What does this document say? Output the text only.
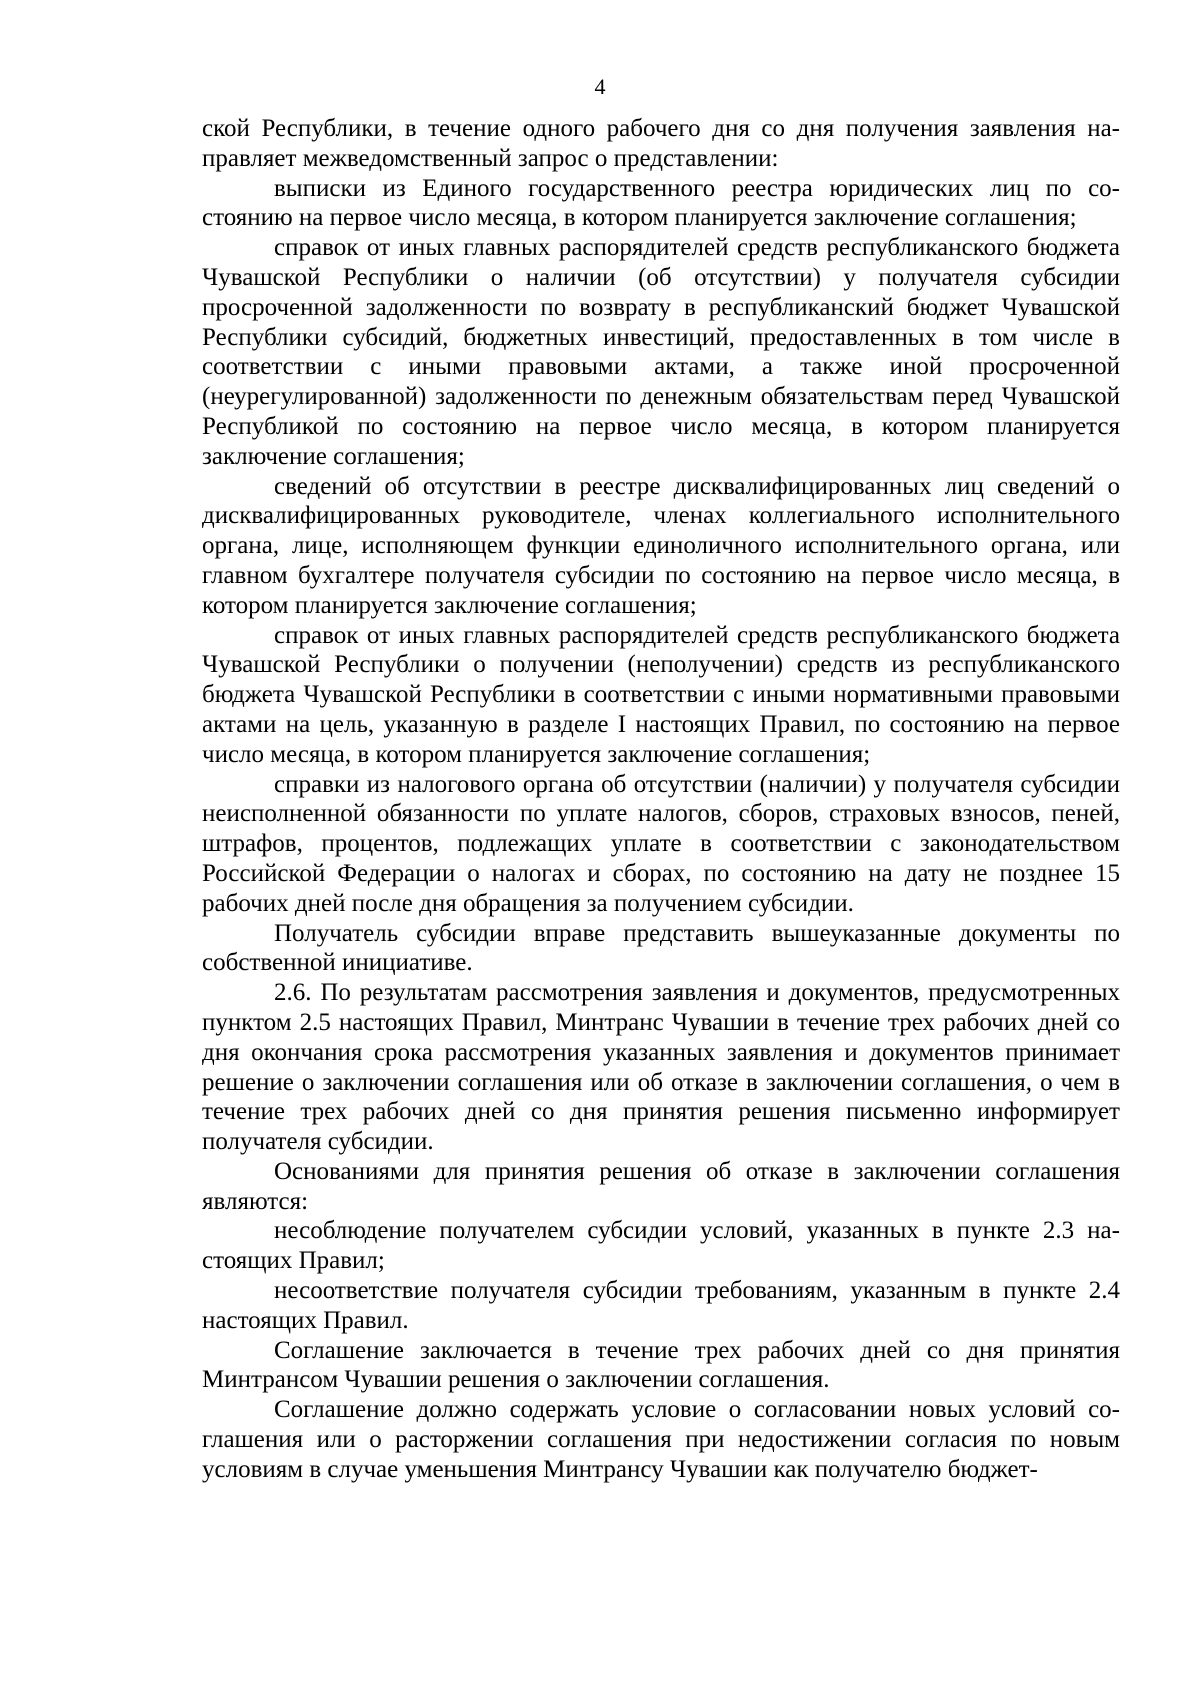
4

ской Республики, в течение одного рабочего дня со дня получения заявления направляет межведомственный запрос о представлении:

выписки из Единого государственного реестра юридических лиц по состоянию на первое число месяца, в котором планируется заключение соглашения;

справок от иных главных распорядителей средств республиканского бюджета Чувашской Республики о наличии (об отсутствии) у получателя субсидии просроченной задолженности по возврату в республиканский бюджет Чувашской Республики субсидий, бюджетных инвестиций, предоставленных в том числе в соответствии с иными правовыми актами, а также иной просроченной (неурегулированной) задолженности по денежным обязательствам перед Чувашской Республикой по состоянию на первое число месяца, в котором планируется заключение соглашения;

сведений об отсутствии в реестре дисквалифицированных лиц сведений о дисквалифицированных руководителе, членах коллегиального исполнительного органа, лице, исполняющем функции единоличного исполнительного органа, или главном бухгалтере получателя субсидии по состоянию на первое число месяца, в котором планируется заключение соглашения;

справок от иных главных распорядителей средств республиканского бюджета Чувашской Республики о получении (неполучении) средств из республиканского бюджета Чувашской Республики в соответствии с иными нормативными правовыми актами на цель, указанную в разделе I настоящих Правил, по состоянию на первое число месяца, в котором планируется заключение соглашения;

справки из налогового органа об отсутствии (наличии) у получателя субсидии неисполненной обязанности по уплате налогов, сборов, страховых взносов, пеней, штрафов, процентов, подлежащих уплате в соответствии с законодательством Российской Федерации о налогах и сборах, по состоянию на дату не позднее 15 рабочих дней после дня обращения за получением субсидии.

Получатель субсидии вправе представить вышеуказанные документы по собственной инициативе.

2.6. По результатам рассмотрения заявления и документов, предусмотренных пунктом 2.5 настоящих Правил, Минтранс Чувашии в течение трех рабочих дней со дня окончания срока рассмотрения указанных заявления и документов принимает решение о заключении соглашения или об отказе в заключении соглашения, о чем в течение трех рабочих дней со дня принятия решения письменно информирует получателя субсидии.

Основаниями для принятия решения об отказе в заключении соглашения являются:

несоблюдение получателем субсидии условий, указанных в пункте 2.3 настоящих Правил;

несоответствие получателя субсидии требованиям, указанным в пункте 2.4 настоящих Правил.

Соглашение заключается в течение трех рабочих дней со дня принятия Минтрансом Чувашии решения о заключении соглашения.

Соглашение должно содержать условие о согласовании новых условий соглашения или о расторжении соглашения при недостижении согласия по новым условиям в случае уменьшения Минтрансу Чувашии как получателю бюджет-
